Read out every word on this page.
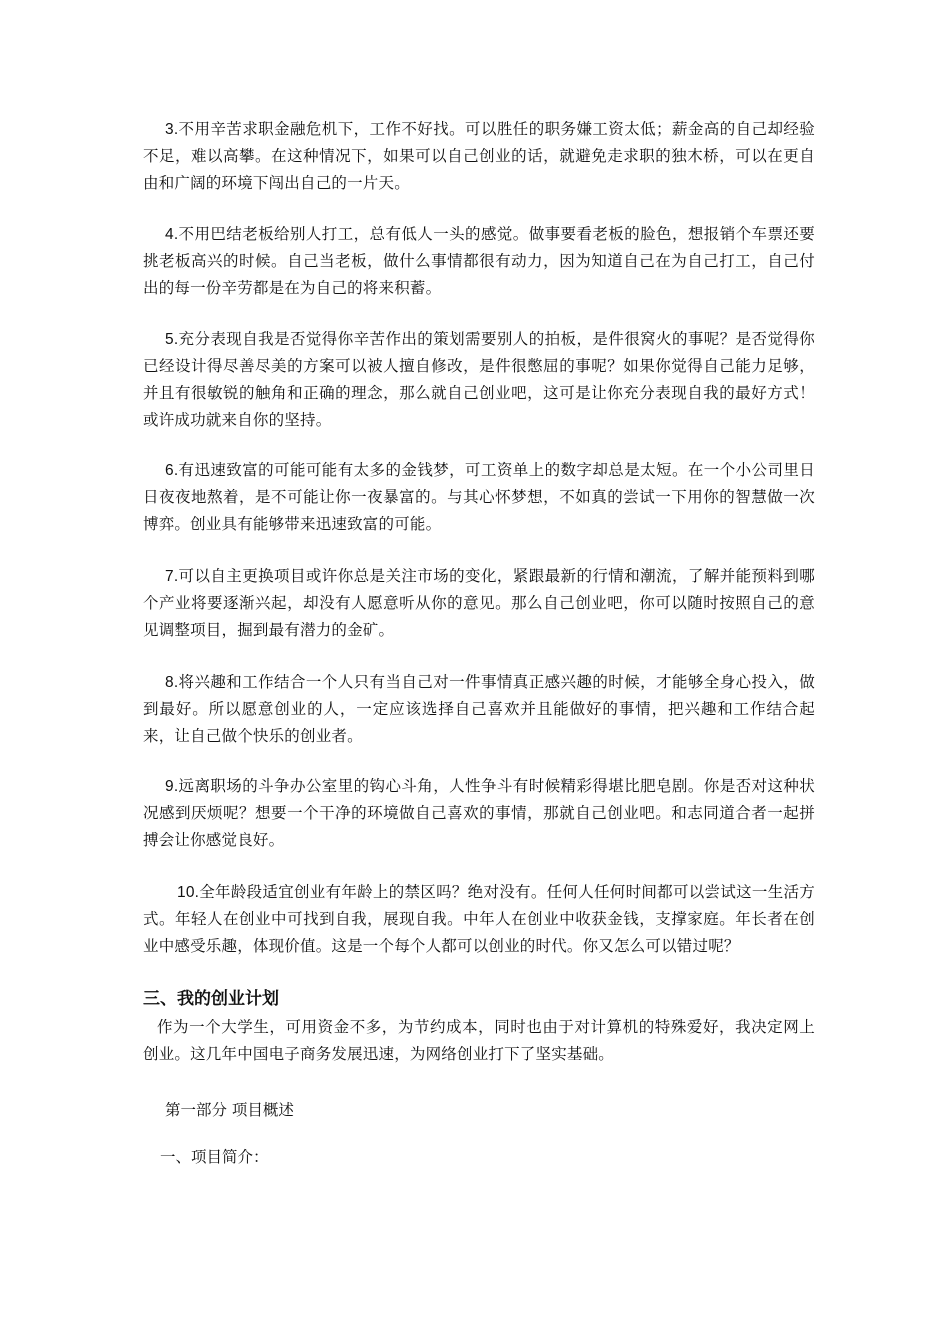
3.不用辛苦求职金融危机下，工作不好找。可以胜任的职务嫌工资太低；薪金高的自己却经验不足，难以高攀。在这种情况下，如果可以自己创业的话，就避免走求职的独木桥，可以在更自由和广阔的环境下闯出自己的一片天。

4.不用巴结老板给别人打工，总有低人一头的感觉。做事要看老板的脸色，想报销个车票还要挑老板高兴的时候。自己当老板，做什么事情都很有动力，因为知道自己在为自己打工，自己付出的每一份辛劳都是在为自己的将来积蓄。

5.充分表现自我是否觉得你辛苦作出的策划需要别人的拍板，是件很窝火的事呢？是否觉得你已经设计得尽善尽美的方案可以被人擅自修改，是件很憋屈的事呢？如果你觉得自己能力足够，并且有很敏锐的触角和正确的理念，那么就自己创业吧，这可是让你充分表现自我的最好方式！或许成功就来自你的坚持。

6.有迅速致富的可能可能有太多的金钱梦，可工资单上的数字却总是太短。在一个小公司里日日夜夜地熬着，是不可能让你一夜暴富的。与其心怀梦想，不如真的尝试一下用你的智慧做一次博弈。创业具有能够带来迅速致富的可能。

7.可以自主更换项目或许你总是关注市场的变化，紧跟最新的行情和潮流，了解并能预料到哪个产业将要逐渐兴起，却没有人愿意听从你的意见。那么自己创业吧，你可以随时按照自己的意见调整项目，掘到最有潜力的金矿。

8.将兴趣和工作结合一个人只有当自己对一件事情真正感兴趣的时候，才能够全身心投入，做到最好。所以愿意创业的人，一定应该选择自己喜欢并且能做好的事情，把兴趣和工作结合起来，让自己做个快乐的创业者。

9.远离职场的斗争办公室里的钩心斗角，人性争斗有时候精彩得堪比肥皂剧。你是否对这种状况感到厌烦呢？想要一个干净的环境做自己喜欢的事情，那就自己创业吧。和志同道合者一起拼搏会让你感觉良好。

10.全年龄段适宜创业有年龄上的禁区吗？绝对没有。任何人任何时间都可以尝试这一生活方式。年轻人在创业中可找到自我，展现自我。中年人在创业中收获金钱，支撑家庭。年长者在创业中感受乐趣，体现价值。这是一个每个人都可以创业的时代。你又怎么可以错过呢？

三、我的创业计划

作为一个大学生，可用资金不多，为节约成本，同时也由于对计算机的特殊爱好，我决定网上创业。这几年中国电子商务发展迅速，为网络创业打下了坚实基础。

第一部分 项目概述

一、项目简介：
